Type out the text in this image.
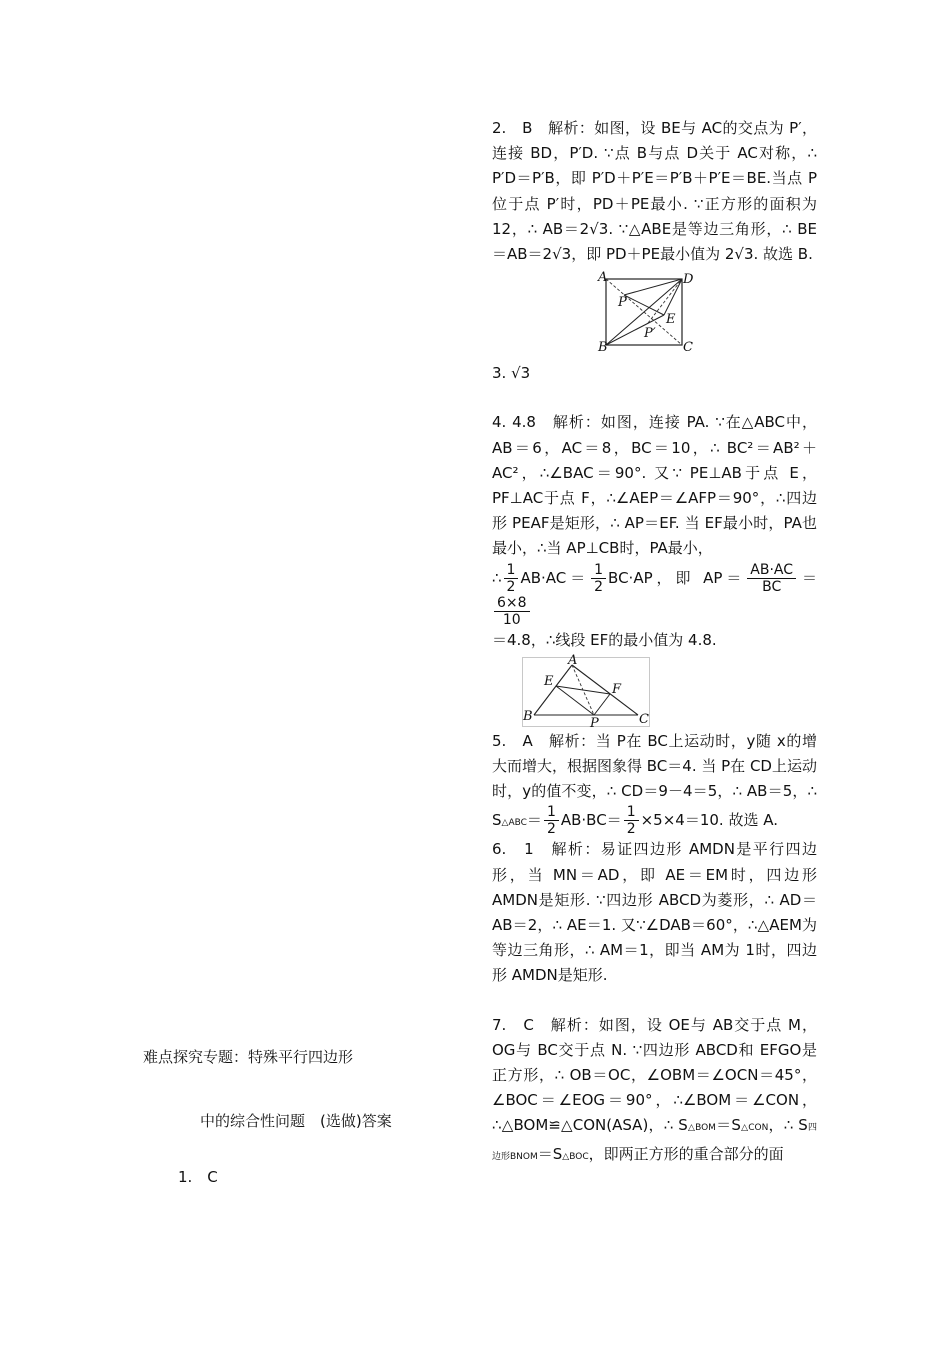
难点探究专题：特殊平行四边形
中的综合性问题　(选做)答案
1.　C

2.　B　解析：如图，设 BE与 AC的交点为 P′，连接 BD，P′D. ∵点 B与点 D关于 AC对称，∴ P′D＝P′B，即 P′D＋P′E＝P′B＋P′E＝BE.当点 P位于点 P′时，PD＋PE最小. ∵正方形的面积为 12，∴ AB＝2√3. ∵△ABE是等边三角形，∴ BE＝AB＝2√3，即 PD＋PE最小值为 2√3. 故选 B.

A	D
P
E
P′
B	C

3. √3

4. 4.8　解析：如图，连接 PA. ∵在△ABC中，AB＝6，AC＝8，BC＝10，∴ BC²＝AB²＋AC²，∴∠BAC＝90°. 又∵ PE⊥AB于点 E，PF⊥AC于点 F，∴∠AEP＝∠AFP＝90°，∴四边形 PEAF是矩形，∴ AP＝EF. 当 EF最小时，PA也最小，∴当 AP⊥CB时，PA最小，
∴ $\frac{1}{2} AB\cdot AC= \frac{1}{2} BC\cdot AP$，即 $AP= \frac{AB\cdot AC}{BC}$ ＝
$\frac{6\times 8}{10}$

＝4.8，∴线段 EF的最小值为 4.8.

A
E
F
B	P	C

5.　A　解析：当 P在 BC上运动时，y随 x的增大而增大，根据图象得 BC＝4. 当 P在 CD上运动时，y的值不变，∴ CD＝9－4＝5，∴ AB＝5，∴ S△ABC＝ $\frac{1}{2} AB\cdot BC= \frac{1}{2} \times 5\times 4=10$. 故选 A.

6.　1　解析：易证四边形 AMDN是平行四边形，当 MN＝AD，即 AE＝EM时，四边形 AMDN是矩形. ∵四边形 ABCD为菱形，∴ AD＝AB＝2，∴ AE＝1. 又∵∠DAB＝60°，∴△AEM为等边三角形，∴ AM＝1，即当 AM为 1时，四边形 AMDN是矩形.

7.　C　解析：如图，设 OE与 AB交于点 M，OG与 BC交于点 N. ∵四边形 ABCD和 EFGO是正方形，∴ OB＝OC，∠OBM＝∠OCN＝45°，∠BOC＝∠EOG＝90°，∴∠BOM＝∠CON，∴△BOM≌△CON(ASA)，∴ S△BOM＝S△CON，∴ S四边形BNOM＝S△BOC，即两正方形的重合部分的面
